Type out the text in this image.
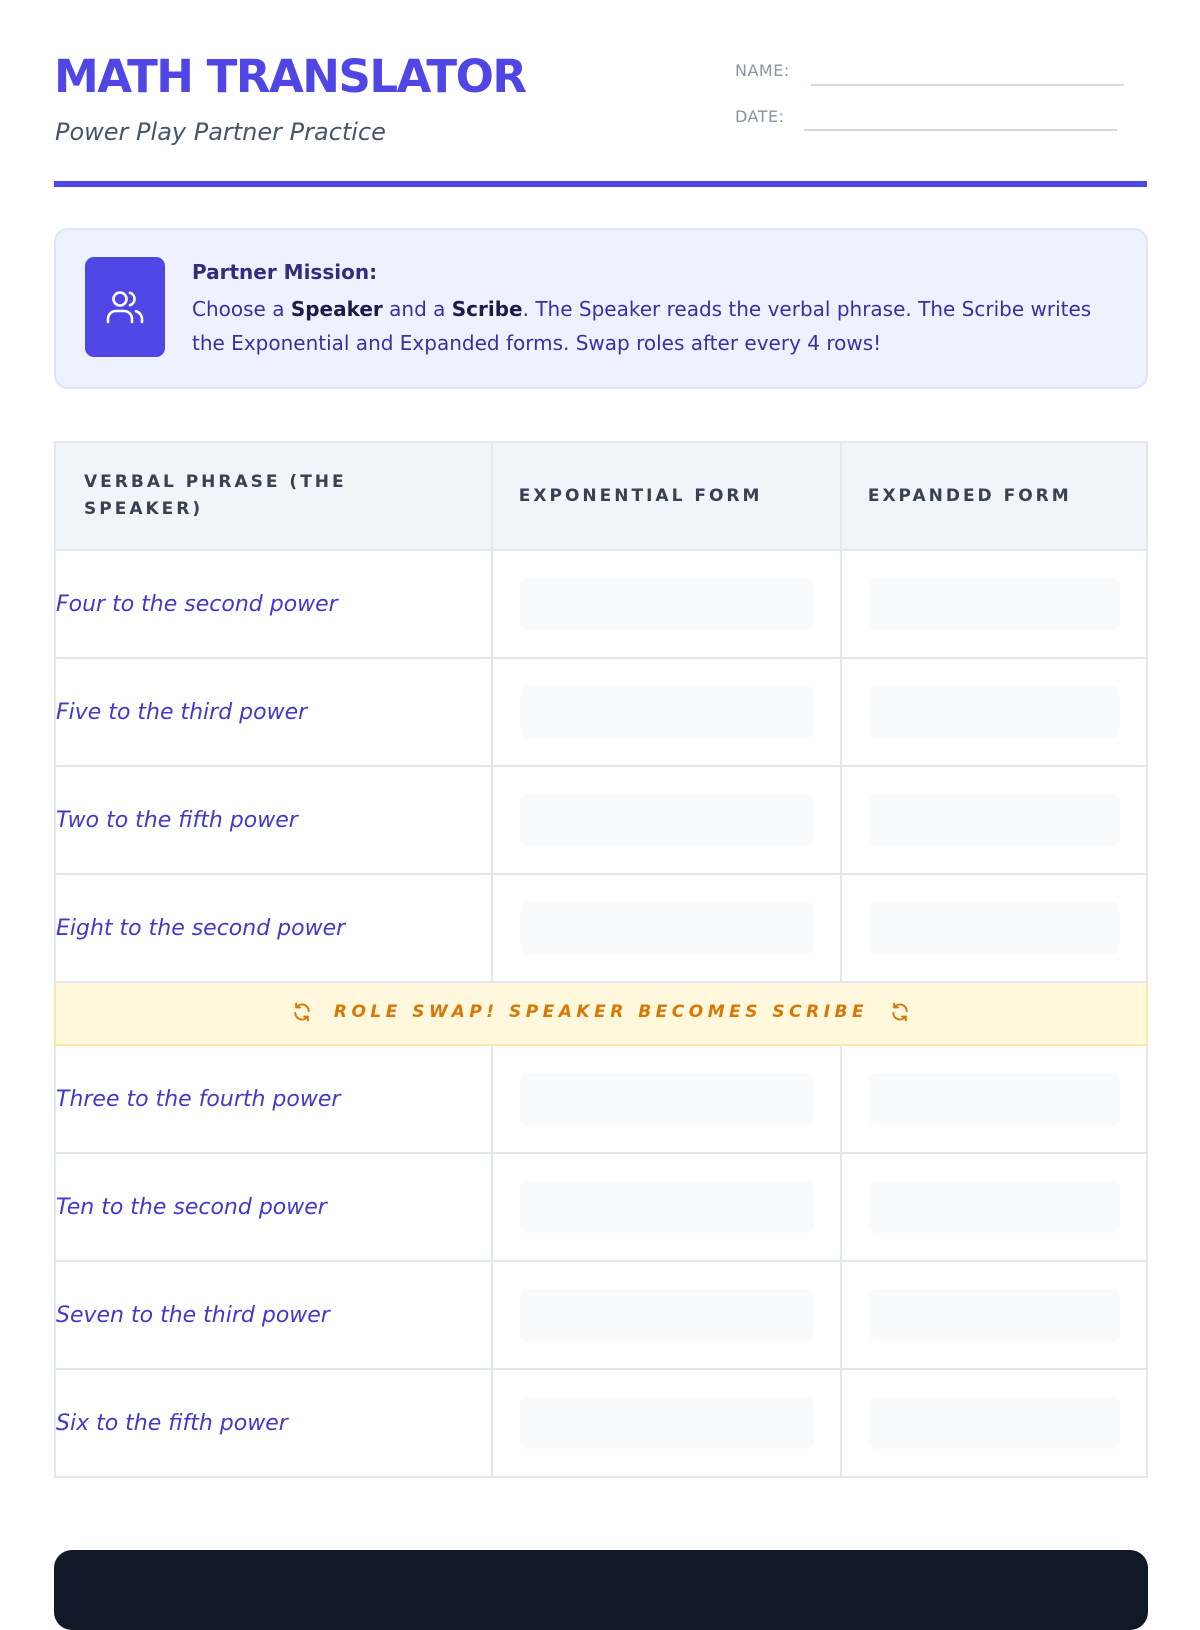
MATH TRANSLATOR
Power Play Partner Practice
NAME:
DATE:
Partner Mission:
Choose a Speaker and a Scribe. The Speaker reads the verbal phrase. The Scribe writes the Exponential and Expanded forms. Swap roles after every 4 rows!
VERBAL PHRASE (THE SPEAKER)	EXPONENTIAL FORM	EXPANDED FORM
Four to the second power	

Five to the third power	

Two to the fifth power	

Eight to the second power	

ROLE SWAP! SPEAKER BECOMES SCRIBE		

Three to the fourth power	

Ten to the second power	

Seven to the third power	

Six to the fifth power	
